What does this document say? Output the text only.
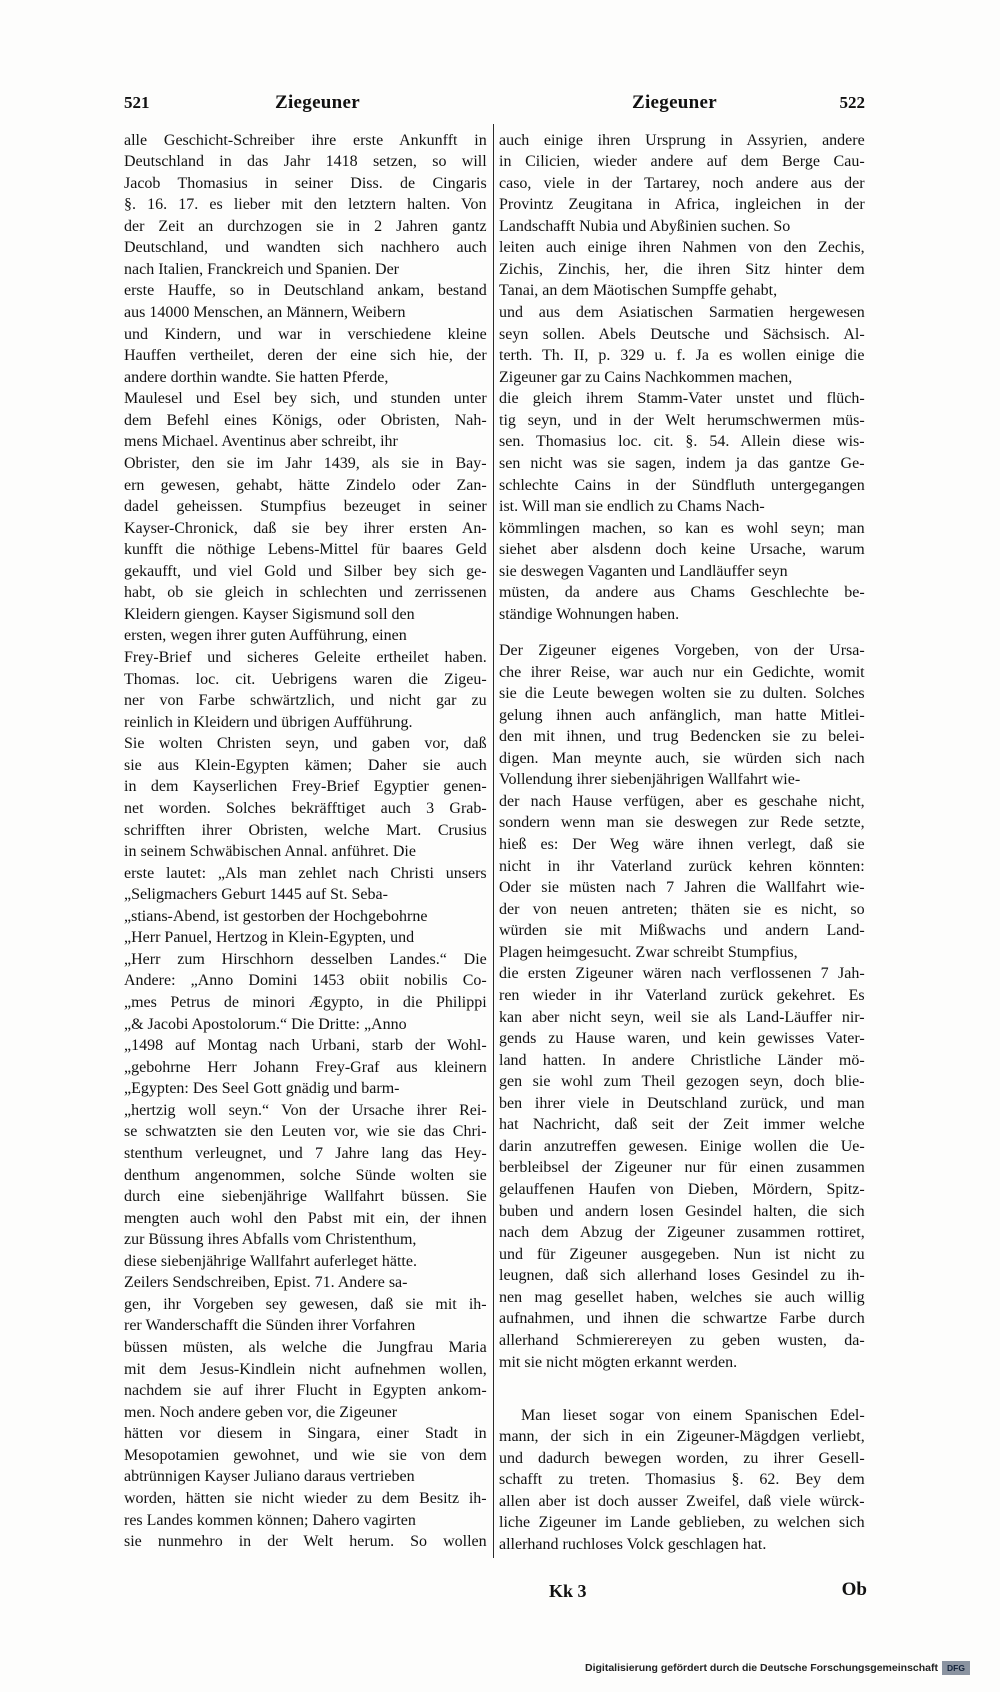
521	Ziegeuner	Ziegeuner	522
alle Geschicht-Schreiber ihre erste Ankunfft in
Deutschland in das Jahr 1418 setzen, so will
Jacob Thomasius in seiner Diss. de Cingaris
§. 16. 17. es lieber mit den letztern halten. Von
der Zeit an durchzogen sie in 2 Jahren gantz
Deutschland, und wandten sich nachhero auch
nach Italien, Franckreich und Spanien. Der
erste Hauffe, so in Deutschland ankam, bestand
aus 14000 Menschen, an Männern, Weibern
und Kindern, und war in verschiedene kleine
Hauffen vertheilet, deren der eine sich hie, der
andere dorthin wandte. Sie hatten Pferde,
Maulesel und Esel bey sich, und stunden unter
dem Befehl eines Königs, oder Obristen, Nah-
mens Michael. Aventinus aber schreibt, ihr
Obrister, den sie im Jahr 1439, als sie in Bay-
ern gewesen, gehabt, hätte Zindelo oder Zan-
dadel geheissen. Stumpfius bezeuget in seiner
Kayser-Chronick, daß sie bey ihrer ersten An-
kunfft die nöthige Lebens-Mittel für baares Geld
gekaufft, und viel Gold und Silber bey sich ge-
habt, ob sie gleich in schlechten und zerrissenen
Kleidern giengen. Kayser Sigismund soll den
ersten, wegen ihrer guten Aufführung, einen
Frey-Brief und sicheres Geleite ertheilet haben.
Thomas. loc. cit. Uebrigens waren die Zigeu-
ner von Farbe schwärtzlich, und nicht gar zu
reinlich in Kleidern und übrigen Aufführung.
Sie wolten Christen seyn, und gaben vor, daß
sie aus Klein-Egypten kämen; Daher sie auch
in dem Kayserlichen Frey-Brief Egyptier genen-
net worden. Solches bekräfftiget auch 3 Grab-
schrifften ihrer Obristen, welche Mart. Crusius
in seinem Schwäbischen Annal. anführet. Die
erste lautet: „Als man zehlet nach Christi unsers
„Seligmachers Geburt 1445 auf St. Seba-
„stians-Abend, ist gestorben der Hochgebohrne
„Herr Panuel, Hertzog in Klein-Egypten, und
„Herr zum Hirschhorn desselben Landes.“ Die
Andere: „Anno Domini 1453 obiit nobilis Co-
„mes Petrus de minori Ægypto, in die Philippi
„& Jacobi Apostolorum.“ Die Dritte: „Anno
„1498 auf Montag nach Urbani, starb der Wohl-
„gebohrne Herr Johann Frey-Graf aus kleinern
„Egypten: Des Seel Gott gnädig und barm-
„hertzig woll seyn.“ Von der Ursache ihrer Rei-
se schwatzten sie den Leuten vor, wie sie das Chri-
stenthum verleugnet, und 7 Jahre lang das Hey-
denthum angenommen, solche Sünde wolten sie
durch eine siebenjährige Wallfahrt büssen. Sie
mengten auch wohl den Pabst mit ein, der ihnen
zur Büssung ihres Abfalls vom Christenthum,
diese siebenjährige Wallfahrt auferleget hätte.
Zeilers Sendschreiben, Epist. 71. Andere sa-
gen, ihr Vorgeben sey gewesen, daß sie mit ih-
rer Wanderschafft die Sünden ihrer Vorfahren
büssen müsten, als welche die Jungfrau Maria
mit dem Jesus-Kindlein nicht aufnehmen wollen,
nachdem sie auf ihrer Flucht in Egypten ankom-
men. Noch andere geben vor, die Zigeuner
hätten vor diesem in Singara, einer Stadt in
Mesopotamien gewohnet, und wie sie von dem
abtrünnigen Kayser Juliano daraus vertrieben
worden, hätten sie nicht wieder zu dem Besitz ih-
res Landes kommen können; Dahero vagirten
sie nunmehro in der Welt herum. So wollen
auch einige ihren Ursprung in Assyrien, andere
in Cilicien, wieder andere auf dem Berge Cau-
caso, viele in der Tartarey, noch andere aus der
Provintz Zeugitana in Africa, ingleichen in der
Landschafft Nubia und Abyßinien suchen. So
leiten auch einige ihren Nahmen von den Zechis,
Zichis, Zinchis, her, die ihren Sitz hinter dem
Tanai, an dem Mäotischen Sumpffe gehabt,
und aus dem Asiatischen Sarmatien hergewesen
seyn sollen. Abels Deutsche und Sächsisch. Al-
terth. Th. II, p. 329 u. f. Ja es wollen einige die
Zigeuner gar zu Cains Nachkommen machen,
die gleich ihrem Stamm-Vater unstet und flüch-
tig seyn, und in der Welt herumschwermen müs-
sen. Thomasius loc. cit. §. 54. Allein diese wis-
sen nicht was sie sagen, indem ja das gantze Ge-
schlechte Cains in der Sündfluth untergegangen
ist. Will man sie endlich zu Chams Nach-
kömmlingen machen, so kan es wohl seyn; man
siehet aber alsdenn doch keine Ursache, warum
sie deswegen Vaganten und Landläuffer seyn
müsten, da andere aus Chams Geschlechte be-
ständige Wohnungen haben.
Der Zigeuner eigenes Vorgeben, von der Ursa-
che ihrer Reise, war auch nur ein Gedichte, womit
sie die Leute bewegen wolten sie zu dulten. Solches
gelung ihnen auch anfänglich, man hatte Mitlei-
den mit ihnen, und trug Bedencken sie zu belei-
digen. Man meynte auch, sie würden sich nach
Vollendung ihrer siebenjährigen Wallfahrt wie-
der nach Hause verfügen, aber es geschahe nicht,
sondern wenn man sie deswegen zur Rede setzte,
hieß es: Der Weg wäre ihnen verlegt, daß sie
nicht in ihr Vaterland zurück kehren könnten:
Oder sie müsten nach 7 Jahren die Wallfahrt wie-
der von neuen antreten; thäten sie es nicht, so
würden sie mit Mißwachs und andern Land-
Plagen heimgesucht. Zwar schreibt Stumpfius,
die ersten Zigeuner wären nach verflossenen 7 Jah-
ren wieder in ihr Vaterland zurück gekehret. Es
kan aber nicht seyn, weil sie als Land-Läuffer nir-
gends zu Hause waren, und kein gewisses Vater-
land hatten. In andere Christliche Länder mö-
gen sie wohl zum Theil gezogen seyn, doch blie-
ben ihrer viele in Deutschland zurück, und man
hat Nachricht, daß seit der Zeit immer welche
darin anzutreffen gewesen. Einige wollen die Ue-
berbleibsel der Zigeuner nur für einen zusammen
gelauffenen Haufen von Dieben, Mördern, Spitz-
buben und andern losen Gesindel halten, die sich
nach dem Abzug der Zigeuner zusammen rottiret,
und für Zigeuner ausgegeben. Nun ist nicht zu
leugnen, daß sich allerhand loses Gesindel zu ih-
nen mag gesellet haben, welches sie auch willig
aufnahmen, und ihnen die schwartze Farbe durch
allerhand Schmierereyen zu geben wusten, da-
mit sie nicht mögten erkannt werden.
Man lieset sogar von einem Spanischen Edel-
mann, der sich in ein Zigeuner-Mägdgen verliebt,
und dadurch bewegen worden, zu ihrer Gesell-
schafft zu treten. Thomasius §. 62. Bey dem
allen aber ist doch ausser Zweifel, daß viele würck-
liche Zigeuner im Lande geblieben, zu welchen sich
allerhand ruchloses Volck geschlagen hat.
Kk 3	Ob
Digitalisierung gefördert durch die Deutsche Forschungsgemeinschaft	DFG
